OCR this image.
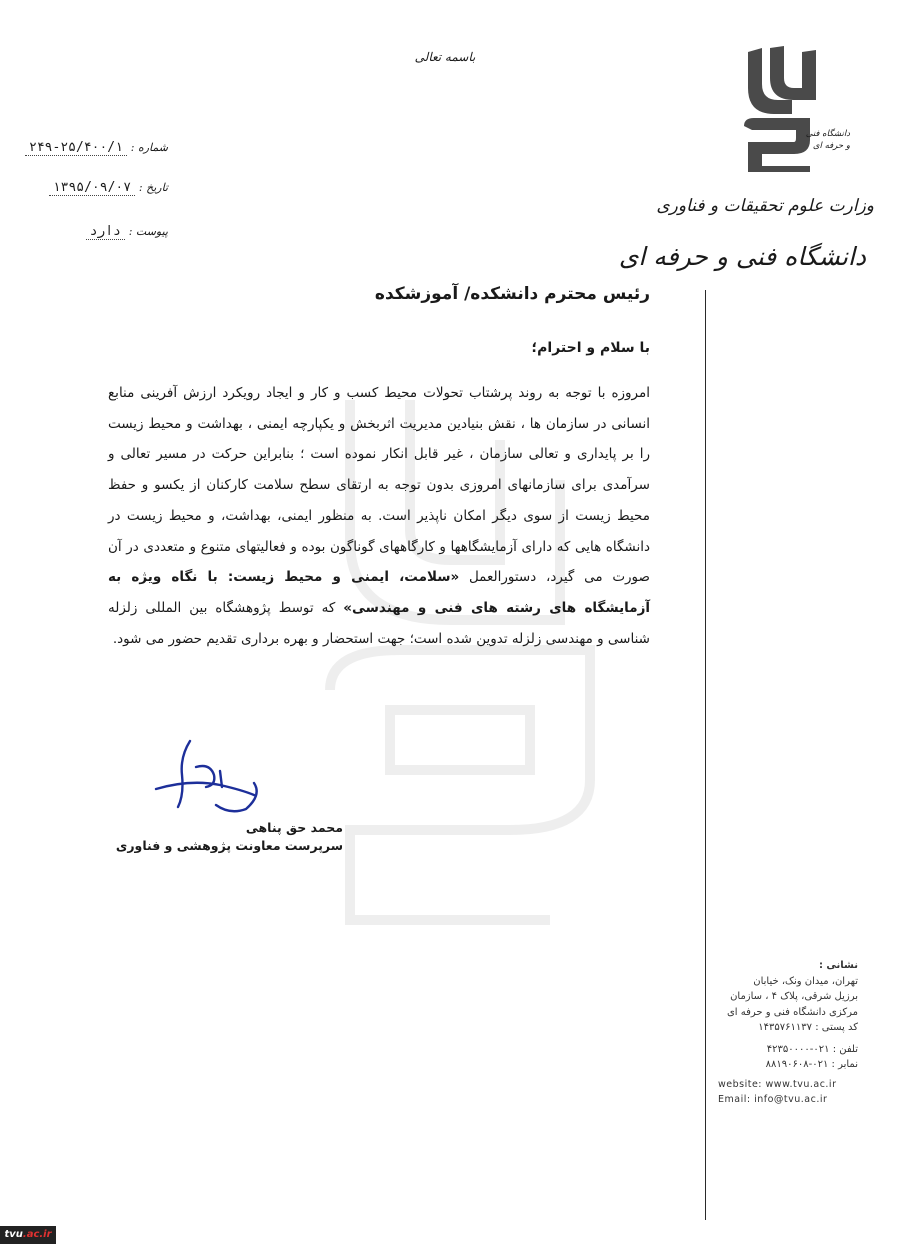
باسمه تعالی
دانشگاه فنی و حرفه ای
وزارت علوم تحقیقات و فناوری
دانشگاه فنی و حرفه ای
شماره : ۲۵/۴۰۰/۱-۲۴۹
تاریخ : ۱۳۹۵/۰۹/۰۷
پیوست : دارد
رئیس محترم دانشکده/ آموزشکده
با سلام و احترام؛
امروزه با توجه به روند پرشتاب تحولات محیط کسب و کار و ایجاد رویکرد ارزش آفرینی منابع انسانی در سازمان ها ، نقش بنیادین مدیریت اثربخش و یکپارچه ایمنی ، بهداشت و محیط زیست را بر پایداری و تعالی سازمان ، غیر قابل انکار نموده است ؛ بنابراین حرکت در مسیر تعالی و سرآمدی برای سازمانهای امروزی بدون توجه به ارتقای سطح سلامت کارکنان از یکسو و حفظ محیط زیست از سوی دیگر امکان ناپذیر است. به منظور ایمنی، بهداشت، و محیط زیست در دانشگاه هایی که دارای آزمایشگاهها و کارگاههای گوناگون بوده و فعالیتهای متنوع و متعددی در آن صورت می گیرد، دستورالعمل «سلامت، ایمنی و محیط زیست: با نگاه ویژه به آزمایشگاه های رشته های فنی و مهندسی» که توسط پژوهشگاه بین المللی زلزله شناسی و مهندسی زلزله تدوین شده است؛ جهت استحضار و بهره برداری تقدیم حضور می شود.
محمد حق پناهی
سرپرست معاونت پژوهشی و فناوری
نشانی :
تهران، میدان ونک، خیابان
برزیل شرقی، پلاک ۴ ، سازمان
مرکزی دانشگاه فنی و حرفه ای
کد پستی : ۱۴۳۵۷۶۱۱۳۷
تلفن : ۰۲۱-۴۲۳۵۰۰۰۰
نمابر : ۰۲۱-۸۸۱۹۰۶۰۸
website: www.tvu.ac.ir
Email: info@tvu.ac.ir
tvu.ac.ir
